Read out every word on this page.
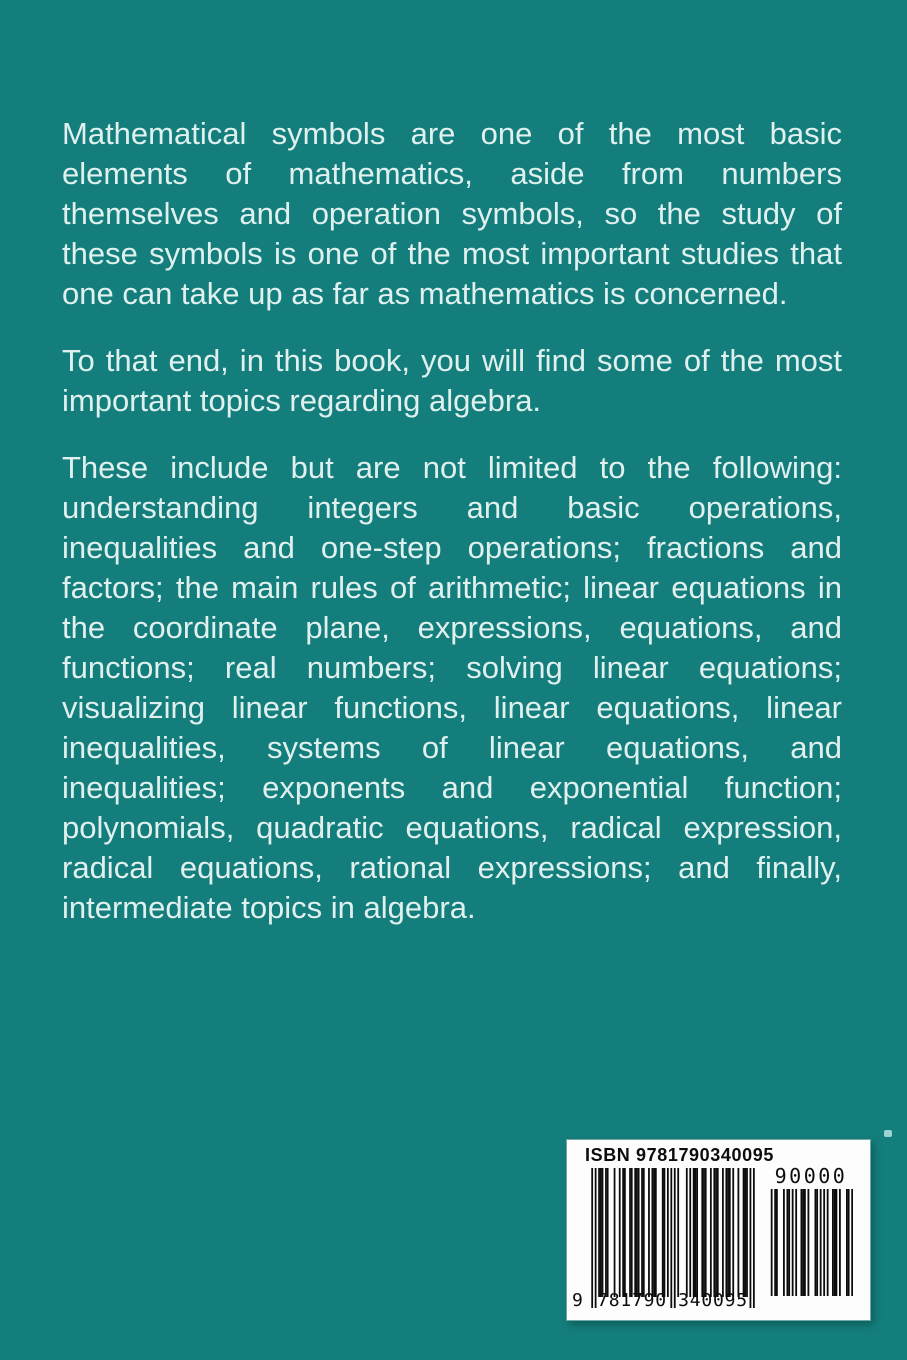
Mathematical symbols are one of the most basic elements of mathematics, aside from numbers themselves and operation symbols, so the study of these symbols is one of the most important studies that one can take up as far as mathematics is concerned.

To that end, in this book, you will find some of the most important topics regarding algebra.

These include but are not limited to the following: understanding integers and basic operations, inequalities and one-step operations; fractions and factors; the main rules of arithmetic; linear equations in the coordinate plane, expressions, equations, and functions; real numbers; solving linear equations; visualizing linear functions, linear equations, linear inequalities, systems of linear equations, and inequalities; exponents and exponential function; polynomials, quadratic equations, radical expression, radical equations, rational expressions; and finally, intermediate topics in algebra.

ISBN 9781790340095
9 781790 340095
90000
